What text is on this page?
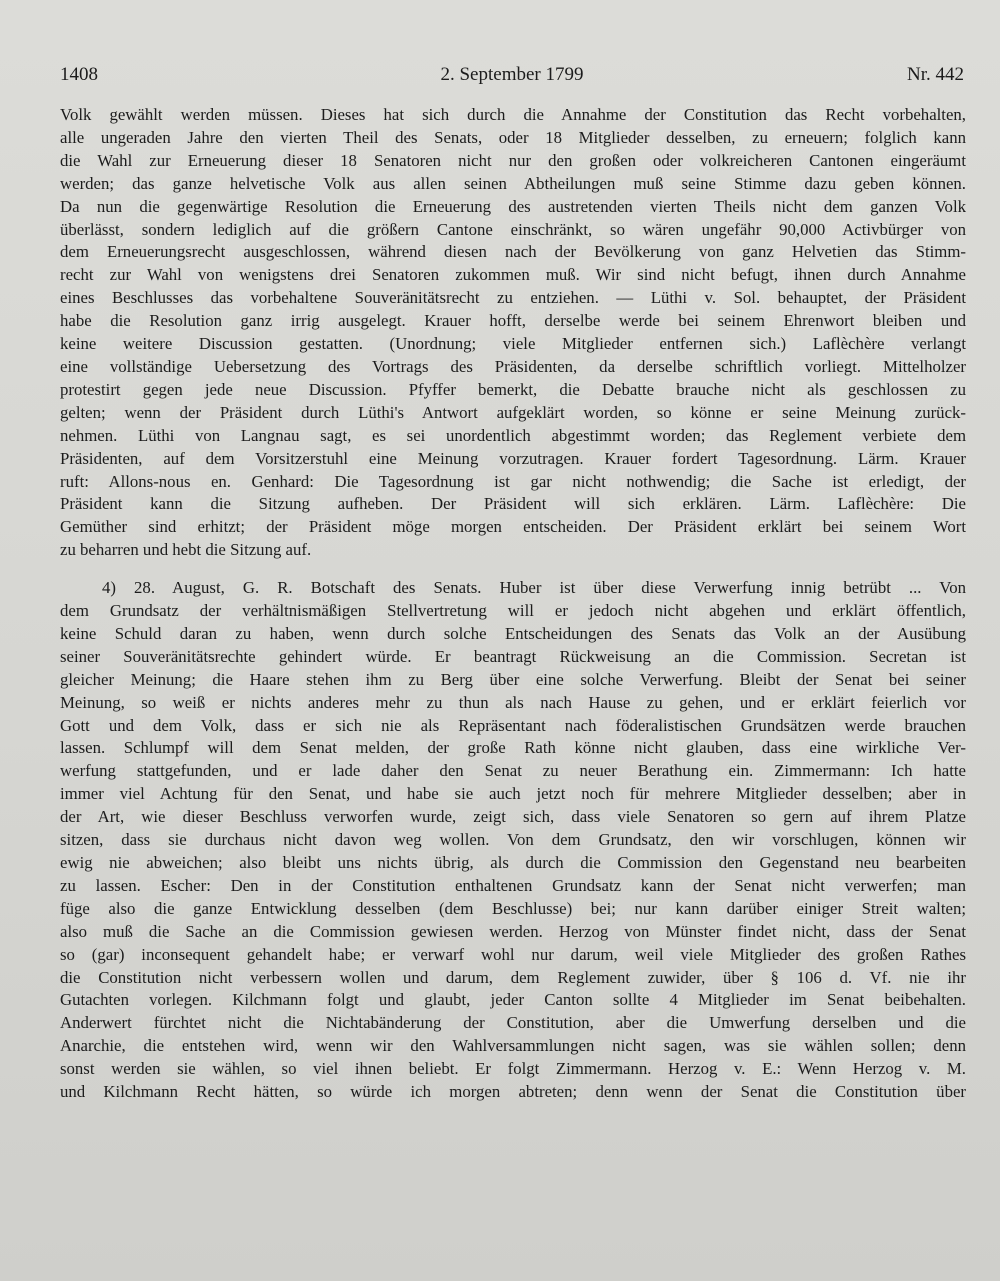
1408	2. September 1799	Nr. 442
Volk gewählt werden müssen. Dieses hat sich durch die Annahme der Constitution das Recht vorbehalten,
alle ungeraden Jahre den vierten Theil des Senats, oder 18 Mitglieder desselben, zu erneuern; folglich kann
die Wahl zur Erneuerung dieser 18 Senatoren nicht nur den großen oder volkreicheren Cantonen eingeräumt
werden; das ganze helvetische Volk aus allen seinen Abtheilungen muß seine Stimme dazu geben können.
Da nun die gegenwärtige Resolution die Erneuerung des austretenden vierten Theils nicht dem ganzen Volk
überlässt, sondern lediglich auf die größern Cantone einschränkt, so wären ungefähr 90,000 Activbürger von
dem Erneuerungsrecht ausgeschlossen, während diesen nach der Bevölkerung von ganz Helvetien das Stimm-
recht zur Wahl von wenigstens drei Senatoren zukommen muß. Wir sind nicht befugt, ihnen durch Annahme
eines Beschlusses das vorbehaltene Souveränitätsrecht zu entziehen. — Lüthi v. Sol. behauptet, der Präsident
habe die Resolution ganz irrig ausgelegt. Krauer hofft, derselbe werde bei seinem Ehrenwort bleiben und
keine weitere Discussion gestatten. (Unordnung; viele Mitglieder entfernen sich.) Laflèchère verlangt
eine vollständige Uebersetzung des Vortrags des Präsidenten, da derselbe schriftlich vorliegt. Mittelholzer
protestirt gegen jede neue Discussion. Pfyffer bemerkt, die Debatte brauche nicht als geschlossen zu
gelten; wenn der Präsident durch Lüthi's Antwort aufgeklärt worden, so könne er seine Meinung zurück-
nehmen. Lüthi von Langnau sagt, es sei unordentlich abgestimmt worden; das Reglement verbiete dem
Präsidenten, auf dem Vorsitzerstuhl eine Meinung vorzutragen. Krauer fordert Tagesordnung. Lärm. Krauer
ruft: Allons-nous en. Genhard: Die Tagesordnung ist gar nicht nothwendig; die Sache ist erledigt, der
Präsident kann die Sitzung aufheben. Der Präsident will sich erklären. Lärm. Laflèchère: Die
Gemüther sind erhitzt; der Präsident möge morgen entscheiden. Der Präsident erklärt bei seinem Wort
zu beharren und hebt die Sitzung auf.
4) 28. August, G. R. Botschaft des Senats. Huber ist über diese Verwerfung innig betrübt ... Von
dem Grundsatz der verhältnismäßigen Stellvertretung will er jedoch nicht abgehen und erklärt öffentlich,
keine Schuld daran zu haben, wenn durch solche Entscheidungen des Senats das Volk an der Ausübung
seiner Souveränitätsrechte gehindert würde. Er beantragt Rückweisung an die Commission. Secretan ist
gleicher Meinung; die Haare stehen ihm zu Berg über eine solche Verwerfung. Bleibt der Senat bei seiner
Meinung, so weiß er nichts anderes mehr zu thun als nach Hause zu gehen, und er erklärt feierlich vor
Gott und dem Volk, dass er sich nie als Repräsentant nach föderalistischen Grundsätzen werde brauchen
lassen. Schlumpf will dem Senat melden, der große Rath könne nicht glauben, dass eine wirkliche Ver-
werfung stattgefunden, und er lade daher den Senat zu neuer Berathung ein. Zimmermann: Ich hatte
immer viel Achtung für den Senat, und habe sie auch jetzt noch für mehrere Mitglieder desselben; aber in
der Art, wie dieser Beschluss verworfen wurde, zeigt sich, dass viele Senatoren so gern auf ihrem Platze
sitzen, dass sie durchaus nicht davon weg wollen. Von dem Grundsatz, den wir vorschlugen, können wir
ewig nie abweichen; also bleibt uns nichts übrig, als durch die Commission den Gegenstand neu bearbeiten
zu lassen. Escher: Den in der Constitution enthaltenen Grundsatz kann der Senat nicht verwerfen; man
füge also die ganze Entwicklung desselben (dem Beschlusse) bei; nur kann darüber einiger Streit walten;
also muß die Sache an die Commission gewiesen werden. Herzog von Münster findet nicht, dass der Senat
so (gar) inconsequent gehandelt habe; er verwarf wohl nur darum, weil viele Mitglieder des großen Rathes
die Constitution nicht verbessern wollen und darum, dem Reglement zuwider, über § 106 d. Vf. nie ihr
Gutachten vorlegen. Kilchmann folgt und glaubt, jeder Canton sollte 4 Mitglieder im Senat beibehalten.
Anderwert fürchtet nicht die Nichtabänderung der Constitution, aber die Umwerfung derselben und die
Anarchie, die entstehen wird, wenn wir den Wahlversammlungen nicht sagen, was sie wählen sollen; denn
sonst werden sie wählen, so viel ihnen beliebt. Er folgt Zimmermann. Herzog v. E.: Wenn Herzog v. M.
und Kilchmann Recht hätten, so würde ich morgen abtreten; denn wenn der Senat die Constitution über
